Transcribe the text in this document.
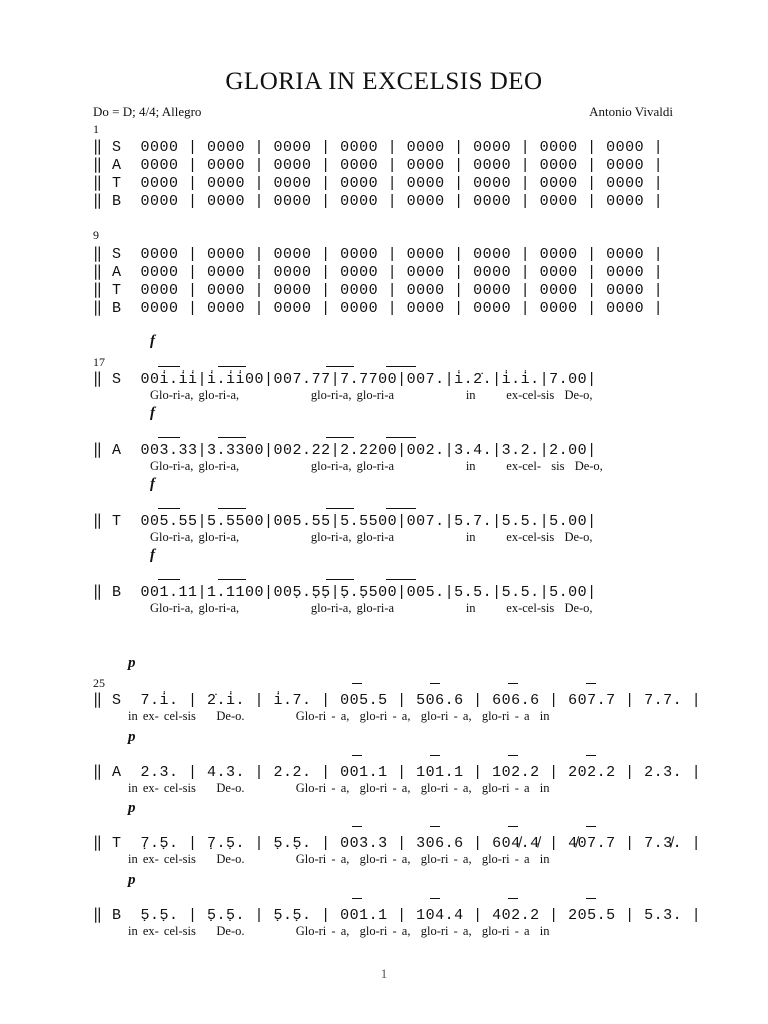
GLORIA IN EXCELSIS DEO
Do = D; 4/4; Allegro	Antonio Vivaldi
1
‖ S  0000 | 0000 | 0000 | 0000 | 0000 | 0000 | 0000 | 0000 |
‖ A  0000 | 0000 | 0000 | 0000 | 0000 | 0000 | 0000 | 0000 |
‖ T  0000 | 0000 | 0000 | 0000 | 0000 | 0000 | 0000 | 0000 |
‖ B  0000 | 0000 | 0000 | 0000 | 0000 | 0000 | 0000 | 0000 |
9
‖ S  0000 | 0000 | 0000 | 0000 | 0000 | 0000 | 0000 | 0000 |
‖ A  0000 | 0000 | 0000 | 0000 | 0000 | 0000 | 0000 | 0000 |
‖ T  0000 | 0000 | 0000 | 0000 | 0000 | 0000 | 0000 | 0000 |
‖ B  0000 | 0000 | 0000 | 0000 | 0000 | 0000 | 0000 | 0000 |
f
17
‖ S  00i̇.i̇i̇|i̇.i̇i̇00|007.77|7.7700|007.|i̇.2̇.|i̇.i̇.|7.00|
Glo-ri-a, glo-ri-a,              glo-ri-a, glo-ri-a              in      ex-cel-sis  De-o,
f
‖ A  003.33|3.3300|002.22|2.2200|002.|3.4.|3.2.|2.00|
Glo-ri-a, glo-ri-a,              glo-ri-a, glo-ri-a              in      ex-cel-  sis  De-o,
f
‖ T  005.55|5.5500|005.55|5.5500|007.|5.7.|5.5.|5.00|
Glo-ri-a, glo-ri-a,              glo-ri-a, glo-ri-a              in      ex-cel-sis  De-o,
f
‖ B  001.11|1.1100|005̣.5̣5̣|5̣.5̣500|005.|5.5.|5.5.|5.00|
Glo-ri-a, glo-ri-a,              glo-ri-a, glo-ri-a              in      ex-cel-sis  De-o,
p
25
‖ S  7.i̇. | 2̇.i̇. | i̇.7. | 005.5 | 506.6 | 606.6 | 607.7 | 7.7. |
in ex- cel-sis    De-o.          Glo-ri - a,  glo-ri - a,  glo-ri - a,  glo-ri - a  in
p
‖ A  2.3. | 4.3. | 2.2. | 001.1 | 101.1 | 102.2 | 202.2 | 2.3. |
in ex- cel-sis    De-o.          Glo-ri - a,  glo-ri - a,  glo-ri - a,  glo-ri - a  in
p
‖ T  7̣.5̣. | 7̣.5̣. | 5̣.5̣. | 003.3 | 306.6 | 604̸.4̸ | 4̸07.7 | 7.3̸. |
in ex- cel-sis    De-o.          Glo-ri - a,  glo-ri - a,  glo-ri - a,  glo-ri - a  in
p
‖ B  5̣.5̣. | 5̣.5̣. | 5̣.5̣. | 001.1 | 104.4 | 402.2 | 205.5 | 5.3. |
in ex- cel-sis    De-o.          Glo-ri - a,  glo-ri - a,  glo-ri - a,  glo-ri - a  in
1
